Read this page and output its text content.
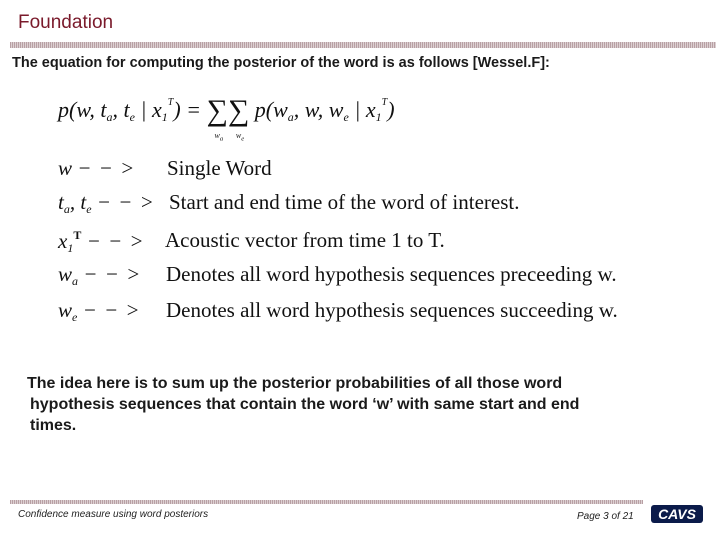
Foundation
The equation for computing the posterior of the word is as follows [Wessel.F]:
p(w, $t_a$, $t_e$ | $x_1^T$) = ∑
$w_a$
∑
$w_e$
$p(w_a$, w, $w_e$ | $x_1^T$)
w − − > Single Word
$t_a$, $t_e$ − − > Start and end time of the word of interest.
$x_1^T$ − − > Acoustic vector from time 1 to T.
$w_a$ − − > Denotes all word hypothesis sequences preceeding w.
$w_e$ − − > Denotes all word hypothesis sequences succeeding w.
The idea here is to sum up the posterior probabilities of all those word
hypothesis sequences that contain the word ‘w’ with same start and end
times.
Confidence measure using word posteriors	Page 3 of 21 CAVS
